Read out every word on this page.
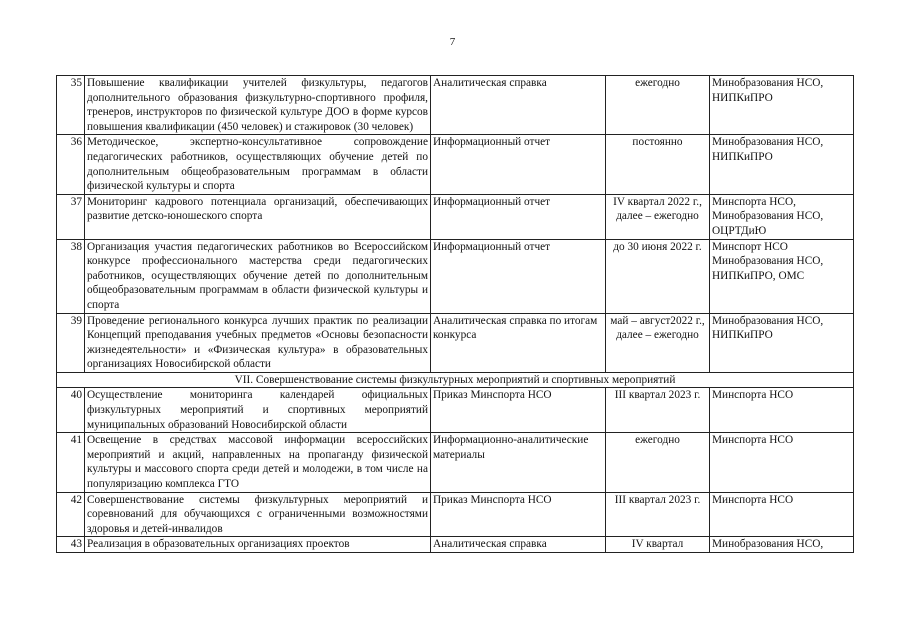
7
35	Повышение квалификации учителей физкультуры, педагогов дополнительного образования физкультурно-спортивного профиля, тренеров, инструкторов по физической культуре ДОО в форме курсов повышения квалификации (450 человек) и стажировок (30 человек)	Аналитическая справка	ежегодно	Минобразования НСО, НИПКиПРО
36	Методическое, экспертно-консультативное сопровождение педагогических работников, осуществляющих обучение детей по дополнительным общеобразовательным программам в области физической культуры и спорта	Информационный отчет	постоянно	Минобразования НСО, НИПКиПРО
37	Мониторинг кадрового потенциала организаций, обеспечивающих развитие детско-юношеского спорта	Информационный отчет	IV квартал 2022 г., далее – ежегодно	Минспорта НСО, Минобразования НСО, ОЦРТДиЮ
38	Организация участия педагогических работников во Всероссийском конкурсе профессионального мастерства среди педагогических работников, осуществляющих обучение детей по дополнительным общеобразовательным программам в области физической культуры и спорта	Информационный отчет	до 30 июня 2022 г.	Минспорт НСО Минобразования НСО, НИПКиПРО, ОМС
39	Проведение регионального конкурса лучших практик по реализации Концепций преподавания учебных предметов «Основы безопасности жизнедеятельности» и «Физическая культура» в образовательных организациях Новосибирской области	Аналитическая справка по итогам конкурса	май – август2022 г., далее – ежегодно	Минобразования НСО, НИПКиПРО
VII. Совершенствование системы физкультурных мероприятий и спортивных мероприятий				
40	Осуществление мониторинга календарей официальных физкультурных мероприятий и спортивных мероприятий муниципальных образований Новосибирской области	Приказ Минспорта НСО	III квартал 2023 г.	Минспорта НСО
41	Освещение в средствах массовой информации всероссийских мероприятий и акций, направленных на пропаганду физической культуры и массового спорта среди детей и молодежи, в том числе на популяризацию комплекса ГТО	Информационно-аналитические материалы	ежегодно	Минспорта НСО
42	Совершенствование системы физкультурных мероприятий и соревнований для обучающихся с ограниченными возможностями здоровья и детей-инвалидов	Приказ Минспорта НСО	III квартал 2023 г.	Минспорта НСО
43	Реализация в образовательных организациях проектов	Аналитическая справка	IV квартал	Минобразования НСО,
